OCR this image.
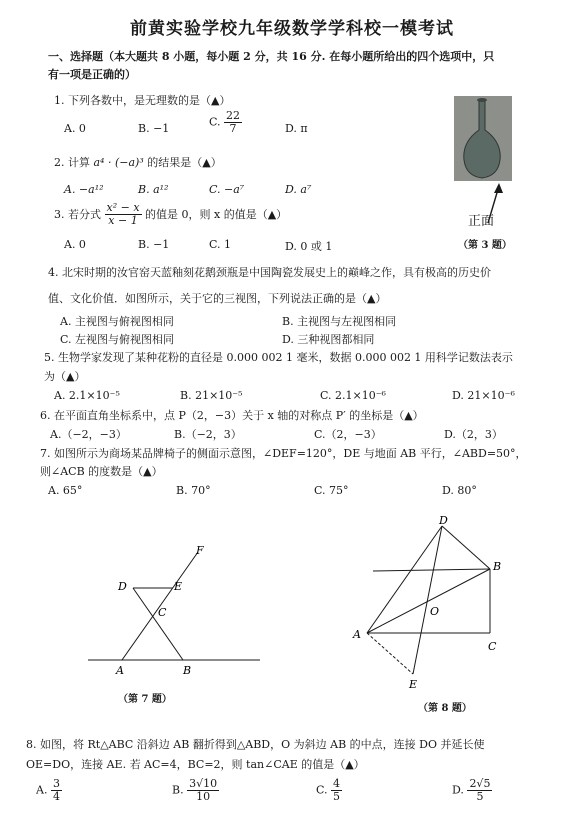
前黄实验学校九年级数学学科校一模考试
一、选择题（本大题共 8 小题，每小题 2 分，共 16 分. 在每小题所给出的四个选项中，只
有一项是正确的）
1. 下列各数中，是无理数的是（▲）
A. 0	B. −1	C. $\frac{22}{7}$	D. π
2. 计算 a⁴ · (−a)³ 的结果是（▲）
A. −a¹²	B. a¹²	C. −a⁷	D. a⁷
3. 若分式 $\frac{\text{x² − x}}{x - 1}$ 的值是 0，则 x 的值是（▲）
A. 0	B. −1	C. 1	D. 0 或 1
正面
（第 3 题）
4. 北宋时期的汝官窑天蓝釉刻花鹅颈瓶是中国陶瓷发展史上的巅峰之作，具有极高的历史价
值、文化价值．如图所示，关于它的三视图，下列说法正确的是（▲）
A. 主视图与俯视图相同	B. 主视图与左视图相同
C. 左视图与俯视图相同	D. 三种视图都相同
5. 生物学家发现了某种花粉的直径是 0.000 002 1 毫米，数据 0.000 002 1 用科学记数法表示
为（▲）
A. 2.1×10⁻⁵	B. 21×10⁻⁵	C. 2.1×10⁻⁶	D. 21×10⁻⁶
6. 在平面直角坐标系中，点 P（2，−3）关于 x 轴的对称点 P′ 的坐标是（▲）
A.（−2，−3）	B.（−2，3）	C.（2，−3）	D.（2，3）
7. 如图所示为商场某品牌椅子的侧面示意图，∠DEF=120°，DE 与地面 AB 平行，∠ABD=50°，
则∠ACB 的度数是（▲）
A. 65°	B. 70°	C. 75°	D. 80°
F
D	E
C
A	B
（第 7 题）
D
B
O
A
C
E
（第 8 题）
8. 如图，将 Rt△ABC 沿斜边 AB 翻折得到△ABD，O 为斜边 AB 的中点，连接 DO 并延长使
OE=DO，连接 AE. 若 AC=4，BC=2，则 tan∠CAE 的值是（▲）
A. $\frac{3}{4}$	B. $\frac{3√10}{10}$	C. $\frac{4}{5}$	D. $\frac{2√5}{5}$
